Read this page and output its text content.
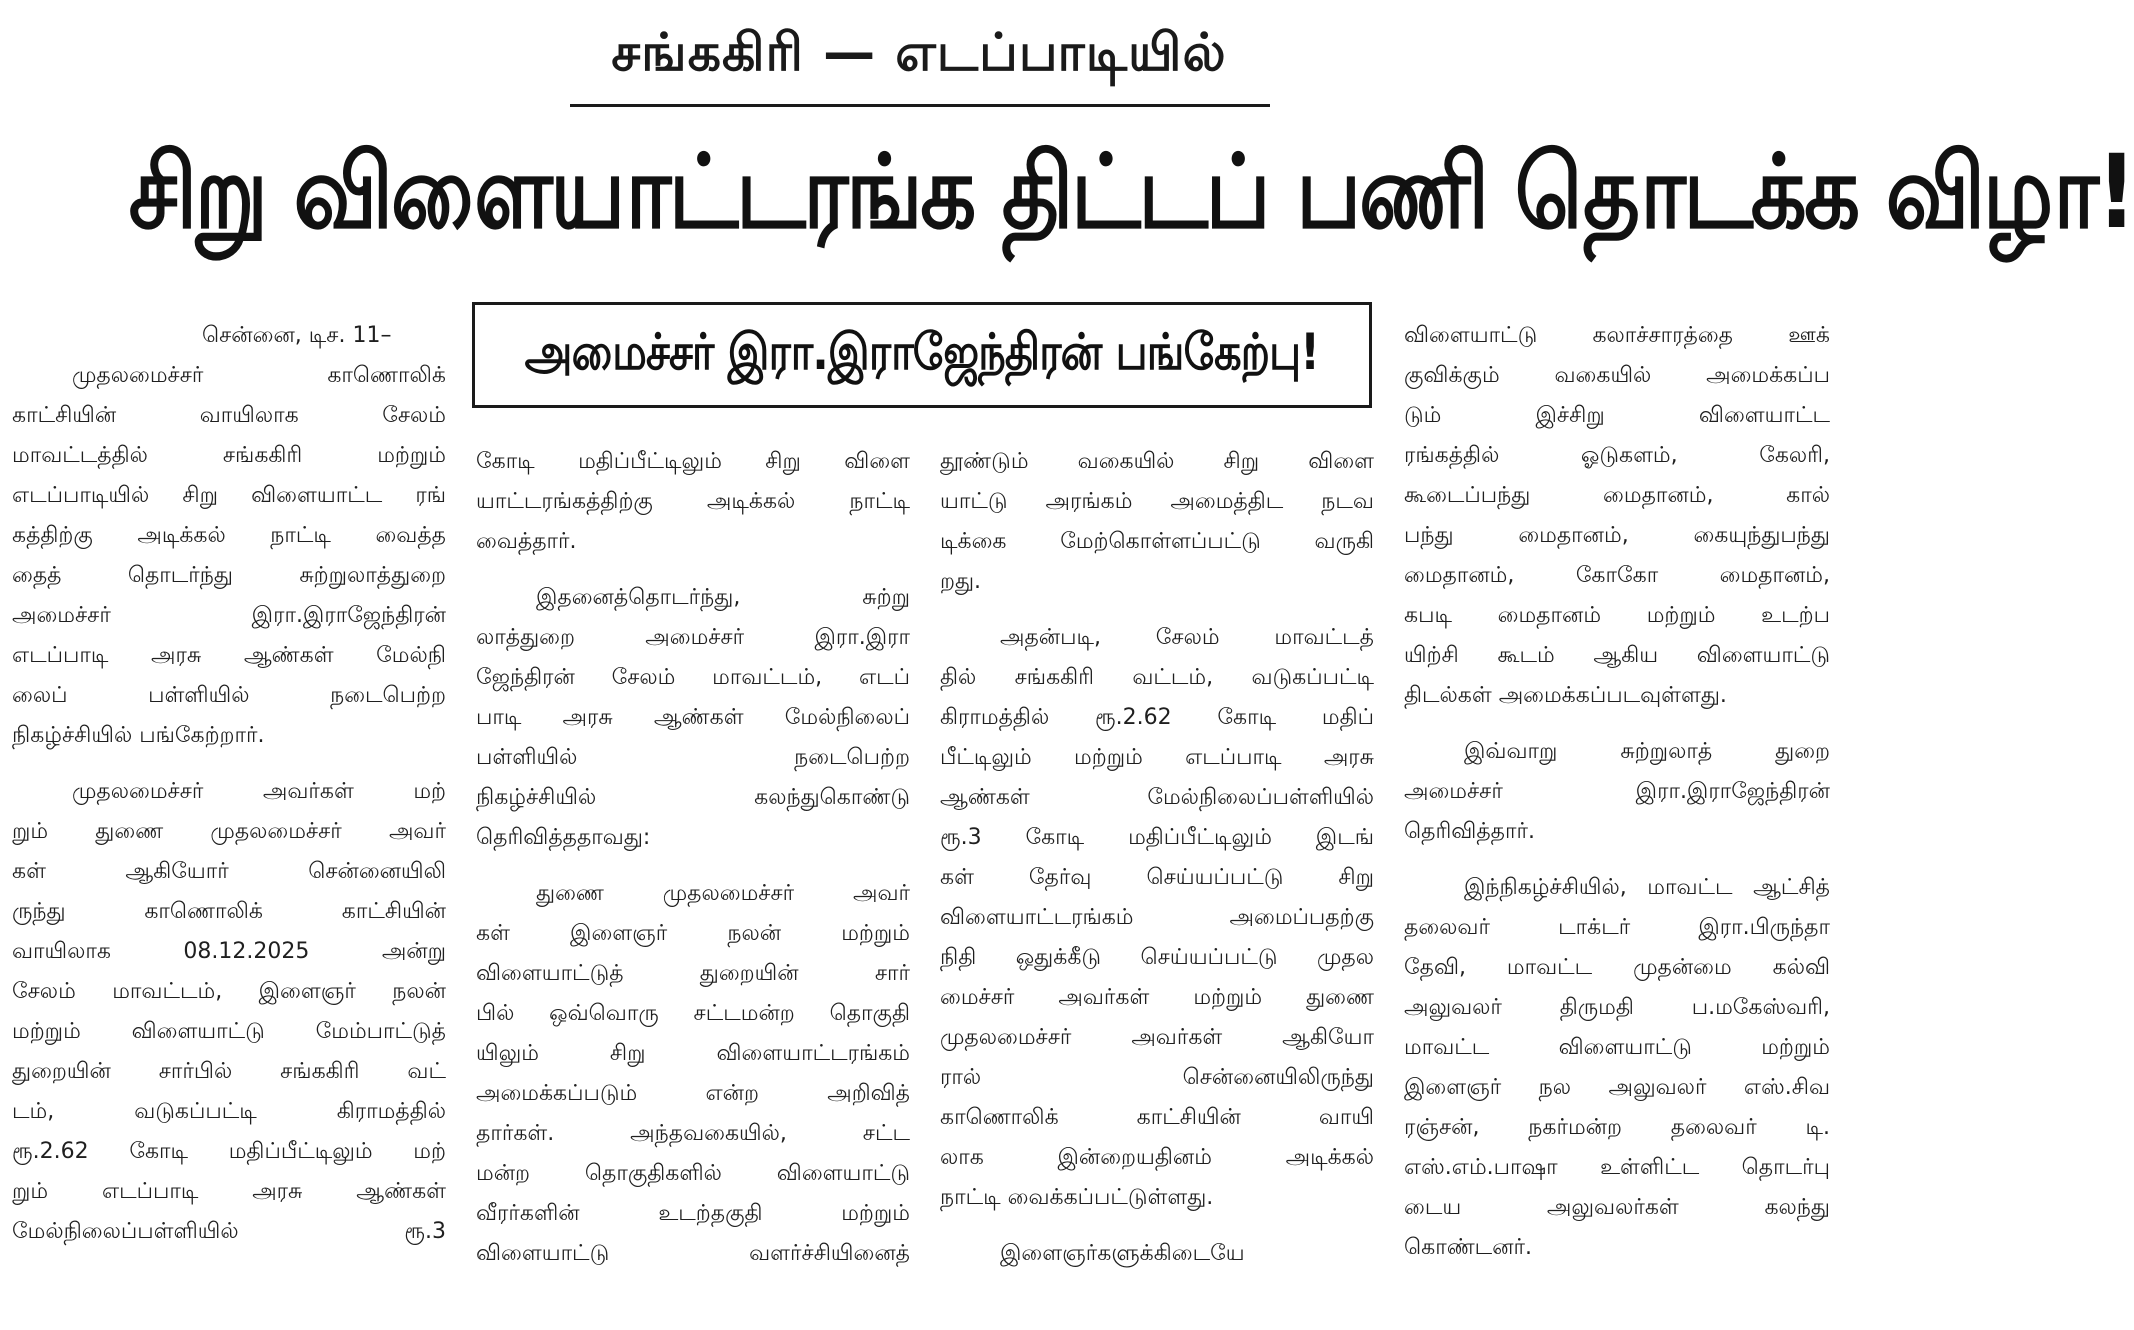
சங்ககிரி — எடப்பாடியில்
சிறு விளையாட்டரங்க திட்டப் பணி தொடக்க விழா!
அமைச்சர் இரா.இராஜேந்திரன் பங்கேற்பு!
சென்னை, டிச. 11–
முதலமைச்சர் காணொலிக்
காட்சியின் வாயிலாக சேலம்
மாவட்டத்தில் சங்ககிரி மற்றும்
எடப்பாடியில் சிறு விளையாட்ட ரங்
கத்திற்கு அடிக்கல் நாட்டி வைத்த
தைத் தொடர்ந்து சுற்றுலாத்துறை
அமைச்சர் இரா.இராஜேந்திரன்
எடப்பாடி அரசு ஆண்கள் மேல்நி
லைப் பள்ளியில் நடைபெற்ற
நிகழ்ச்சியில் பங்கேற்றார்.
முதலமைச்சர் அவர்கள் மற்
றும் துணை முதலமைச்சர் அவர்
கள் ஆகியோர் சென்னையிலி
ருந்து காணொலிக் காட்சியின்
வாயிலாக 08.12.2025 அன்று
சேலம் மாவட்டம், இளைஞர் நலன்
மற்றும் விளையாட்டு மேம்பாட்டுத்
துறையின் சார்பில் சங்ககிரி வட்
டம், வடுகப்பட்டி கிராமத்தில்
ரூ.2.62 கோடி மதிப்பீட்டிலும் மற்
றும் எடப்பாடி அரசு ஆண்கள்
மேல்நிலைப்பள்ளியில் ரூ.3
கோடி மதிப்பீட்டிலும் சிறு விளை
யாட்டரங்கத்திற்கு அடிக்கல் நாட்டி
வைத்தார்.
இதனைத்தொடர்ந்து, சுற்று
லாத்துறை அமைச்சர் இரா.இரா
ஜேந்திரன் சேலம் மாவட்டம், எடப்
பாடி அரசு ஆண்கள் மேல்நிலைப்
பள்ளியில் நடைபெற்ற
நிகழ்ச்சியில் கலந்துகொண்டு
தெரிவித்ததாவது:
துணை முதலமைச்சர் அவர்
கள் இளைஞர் நலன் மற்றும்
விளையாட்டுத் துறையின் சார்
பில் ஒவ்வொரு சட்டமன்ற தொகுதி
யிலும் சிறு விளையாட்டரங்கம்
அமைக்கப்படும் என்ற அறிவித்
தார்கள். அந்தவகையில், சட்ட
மன்ற தொகுதிகளில் விளையாட்டு
வீரர்களின் உடற்தகுதி மற்றும்
விளையாட்டு வளர்ச்சியினைத்
தூண்டும் வகையில் சிறு விளை
யாட்டு அரங்கம் அமைத்திட நடவ
டிக்கை மேற்கொள்ளப்பட்டு வருகி
றது.
அதன்படி, சேலம் மாவட்டத்
தில் சங்ககிரி வட்டம், வடுகப்பட்டி
கிராமத்தில் ரூ.2.62 கோடி மதிப்
பீட்டிலும் மற்றும் எடப்பாடி அரசு
ஆண்கள் மேல்நிலைப்பள்ளியில்
ரூ.3 கோடி மதிப்பீட்டிலும் இடங்
கள் தேர்வு செய்யப்பட்டு சிறு
விளையாட்டரங்கம் அமைப்பதற்கு
நிதி ஒதுக்கீடு செய்யப்பட்டு முதல
மைச்சர் அவர்கள் மற்றும் துணை
முதலமைச்சர் அவர்கள் ஆகியோ
ரால் சென்னையிலிருந்து
காணொலிக் காட்சியின் வாயி
லாக இன்றையதினம் அடிக்கல்
நாட்டி வைக்கப்பட்டுள்ளது.
இளைஞர்களுக்கிடையே
விளையாட்டு கலாச்சாரத்தை ஊக்
குவிக்கும் வகையில் அமைக்கப்ப
டும் இச்சிறு விளையாட்ட
ரங்கத்தில் ஓடுகளம், கேலரி,
கூடைப்பந்து மைதானம், கால்
பந்து மைதானம், கையுந்துபந்து
மைதானம், கோகோ மைதானம்,
கபடி மைதானம் மற்றும் உடற்ப
யிற்சி கூடம் ஆகிய விளையாட்டு
திடல்கள் அமைக்கப்படவுள்ளது.
இவ்வாறு சுற்றுலாத் துறை
அமைச்சர் இரா.இராஜேந்திரன்
தெரிவித்தார்.
இந்நிகழ்ச்சியில், மாவட்ட ஆட்சித்
தலைவர் டாக்டர் இரா.பிருந்தா
தேவி, மாவட்ட முதன்மை கல்வி
அலுவலர் திருமதி ப.மகேஸ்வரி,
மாவட்ட விளையாட்டு மற்றும்
இளைஞர் நல அலுவலர் எஸ்.சிவ
ரஞ்சன், நகர்மன்ற தலைவர் டி.
எஸ்.எம்.பாஷா உள்ளிட்ட தொடர்பு
டைய அலுவலர்கள் கலந்து
கொண்டனர்.
